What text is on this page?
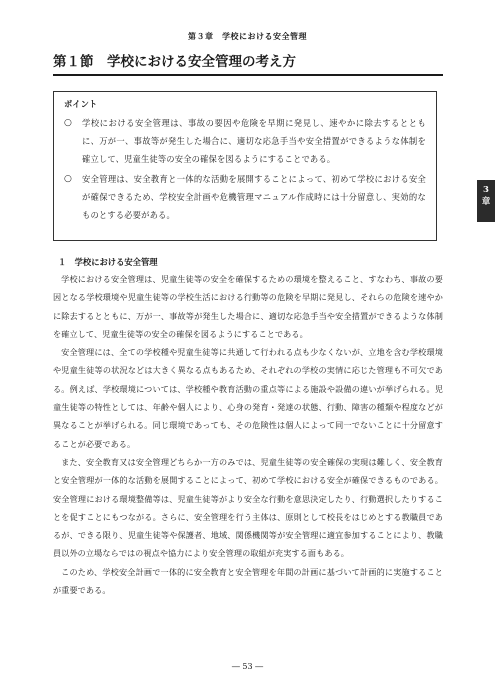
第３章　学校における安全管理
第１節　学校における安全管理の考え方
ポイント
○	学校における安全管理は、事故の要因や危険を早期に発見し、速やかに除去するとともに、万が一、事故等が発生した場合に、適切な応急手当や安全措置ができるような体制を確立して、児童生徒等の安全の確保を図るようにすることである。
○	安全管理は、安全教育と一体的な活動を展開することによって、初めて学校における安全が確保できるため、学校安全計画や危機管理マニュアル作成時には十分留意し、実効的なものとする必要がある。
3
章
１　学校における安全管理

学校における安全管理は、児童生徒等の安全を確保するための環境を整えること、すなわち、事故の要因となる学校環境や児童生徒等の学校生活における行動等の危険を早期に発見し、それらの危険を速やかに除去するとともに、万が一、事故等が発生した場合に、適切な応急手当や安全措置ができるような体制を確立して、児童生徒等の安全の確保を図るようにすることである。

安全管理には、全ての学校種や児童生徒等に共通して行われる点も少なくないが、立地を含む学校環境や児童生徒等の状況などは大きく異なる点もあるため、それぞれの学校の実情に応じた管理も不可欠である。例えば、学校環境については、学校種や教育活動の重点等による施設や設備の違いが挙げられる。児童生徒等の特性としては、年齢や個人により、心身の発育・発達の状態、行動、障害の種類や程度などが異なることが挙げられる。同じ環境であっても、その危険性は個人によって同一でないことに十分留意することが必要である。

また、安全教育又は安全管理どちらか一方のみでは、児童生徒等の安全確保の実現は難しく、安全教育と安全管理が一体的な活動を展開することによって、初めて学校における安全が確保できるものである。安全管理における環境整備等は、児童生徒等がより安全な行動を意思決定したり、行動選択したりすることを促すことにもつながる。さらに、安全管理を行う主体は、原則として校長をはじめとする教職員であるが、できる限り、児童生徒等や保護者、地域、関係機関等が安全管理に適宜参加することにより、教職員以外の立場ならではの視点や協力により安全管理の取組が充実する面もある。

このため、学校安全計画で一体的に安全教育と安全管理を年間の計画に基づいて計画的に実施することが重要である。

― 53 ―
